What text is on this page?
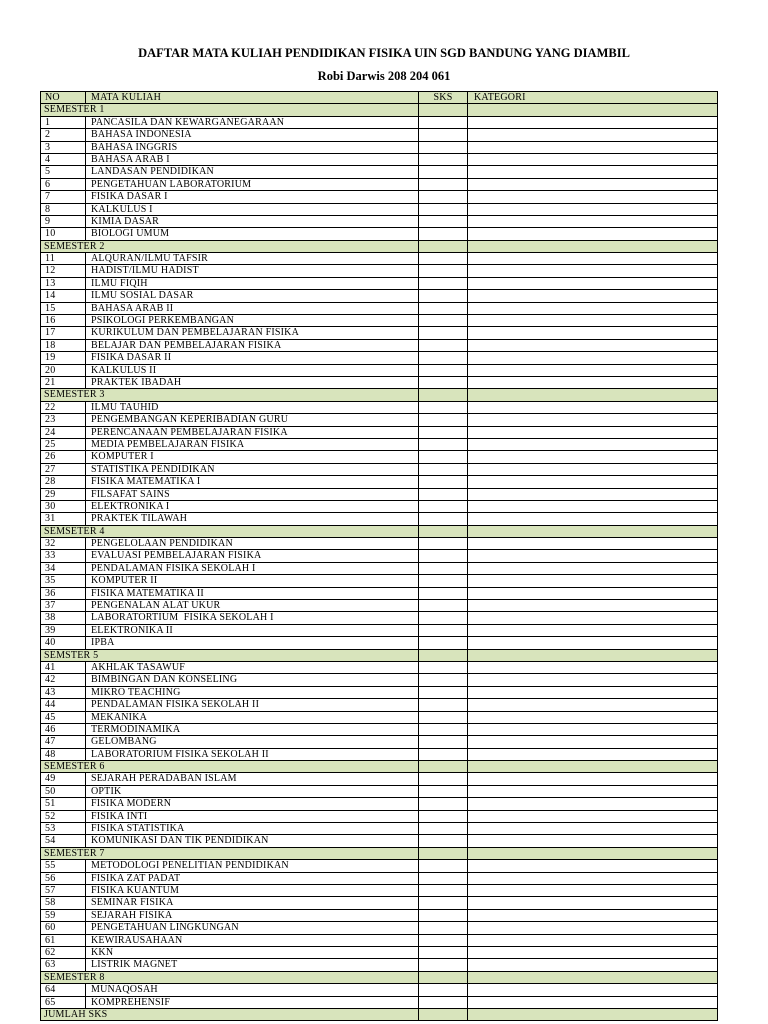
DAFTAR MATA KULIAH PENDIDIKAN FISIKA UIN SGD BANDUNG YANG DIAMBIL
Robi Darwis 208 204 061
NO	MATA KULIAH	SKS	KATEGORI
SEMESTER 1
1	PANCASILA DAN KEWARGANEGARAAN
2	BAHASA INDONESIA
3	BAHASA INGGRIS
4	BAHASA ARAB I
5	LANDASAN PENDIDIKAN
6	PENGETAHUAN LABORATORIUM
7	FISIKA DASAR I
8	KALKULUS I
9	KIMIA DASAR
10	BIOLOGI UMUM
SEMESTER 2
11	ALQURAN/ILMU TAFSIR
12	HADIST/ILMU HADIST
13	ILMU FIQIH
14	ILMU SOSIAL DASAR
15	BAHASA ARAB II
16	PSIKOLOGI PERKEMBANGAN
17	KURIKULUM DAN PEMBELAJARAN FISIKA
18	BELAJAR DAN PEMBELAJARAN FISIKA
19	FISIKA DASAR II
20	KALKULUS II
21	PRAKTEK IBADAH
SEMESTER 3
22	ILMU TAUHID
23	PENGEMBANGAN KEPERIBADIAN GURU
24	PERENCANAAN PEMBELAJARAN FISIKA
25	MEDIA PEMBELAJARAN FISIKA
26	KOMPUTER I
27	STATISTIKA PENDIDIKAN
28	FISIKA MATEMATIKA I
29	FILSAFAT SAINS
30	ELEKTRONIKA I
31	PRAKTEK TILAWAH
SEMSETER 4
32	PENGELOLAAN PENDIDIKAN
33	EVALUASI PEMBELAJARAN FISIKA
34	PENDALAMAN FISIKA SEKOLAH I
35	KOMPUTER II
36	FISIKA MATEMATIKA II
37	PENGENALAN ALAT UKUR
38	LABORATORTIUM  FISIKA SEKOLAH I
39	ELEKTRONIKA II
40	IPBA
SEMSTER 5
41	AKHLAK TASAWUF
42	BIMBINGAN DAN KONSELING
43	MIKRO TEACHING
44	PENDALAMAN FISIKA SEKOLAH II
45	MEKANIKA
46	TERMODINAMIKA
47	GELOMBANG
48	LABORATORIUM FISIKA SEKOLAH II
SEMESTER 6
49	SEJARAH PERADABAN ISLAM
50	OPTIK
51	FISIKA MODERN
52	FISIKA INTI
53	FISIKA STATISTIKA
54	KOMUNIKASI DAN TIK PENDIDIKAN
SEMESTER 7
55	METODOLOGI PENELITIAN PENDIDIKAN
56	FISIKA ZAT PADAT
57	FISIKA KUANTUM
58	SEMINAR FISIKA
59	SEJARAH FISIKA
60	PENGETAHUAN LINGKUNGAN
61	KEWIRAUSAHAAN
62	KKN
63	LISTRIK MAGNET
SEMESTER 8
64	MUNAQOSAH
65	KOMPREHENSIF
JUMLAH SKS
